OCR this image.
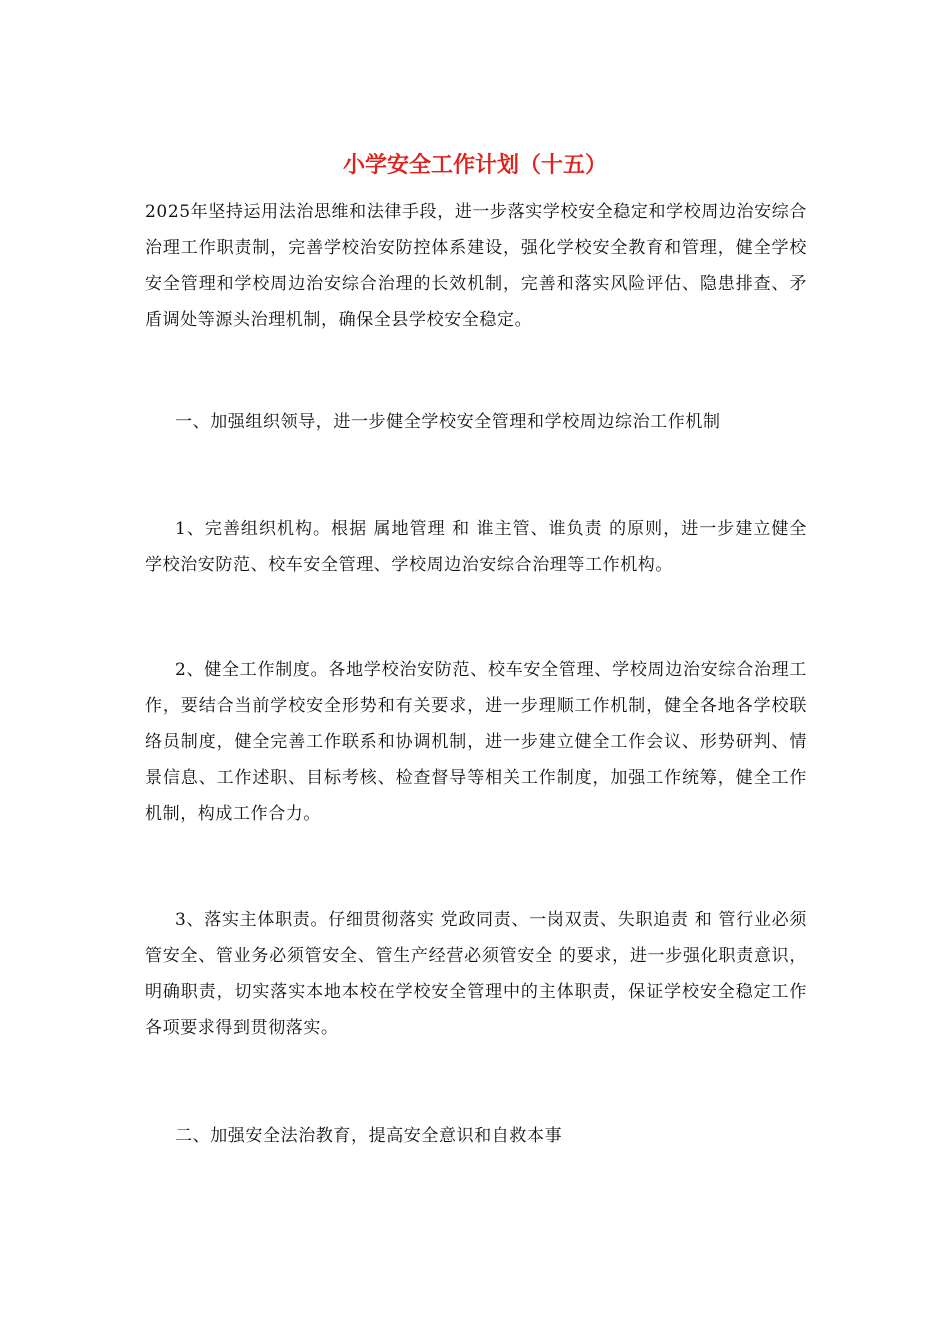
小学安全工作计划（十五）

2025年坚持运用法治思维和法律手段，进一步落实学校安全稳定和学校周边治安综合治理工作职责制，完善学校治安防控体系建设，强化学校安全教育和管理，健全学校安全管理和学校周边治安综合治理的长效机制，完善和落实风险评估、隐患排查、矛盾调处等源头治理机制，确保全县学校安全稳定。

一、加强组织领导，进一步健全学校安全管理和学校周边综治工作机制

1、完善组织机构。根据 属地管理 和 谁主管、谁负责 的原则，进一步建立健全学校治安防范、校车安全管理、学校周边治安综合治理等工作机构。

2、健全工作制度。各地学校治安防范、校车安全管理、学校周边治安综合治理工作，要结合当前学校安全形势和有关要求，进一步理顺工作机制，健全各地各学校联络员制度，健全完善工作联系和协调机制，进一步建立健全工作会议、形势研判、情景信息、工作述职、目标考核、检查督导等相关工作制度，加强工作统筹，健全工作机制，构成工作合力。

3、落实主体职责。仔细贯彻落实 党政同责、一岗双责、失职追责 和 管行业必须管安全、管业务必须管安全、管生产经营必须管安全 的要求，进一步强化职责意识，明确职责，切实落实本地本校在学校安全管理中的主体职责，保证学校安全稳定工作各项要求得到贯彻落实。

二、加强安全法治教育，提高安全意识和自救本事
